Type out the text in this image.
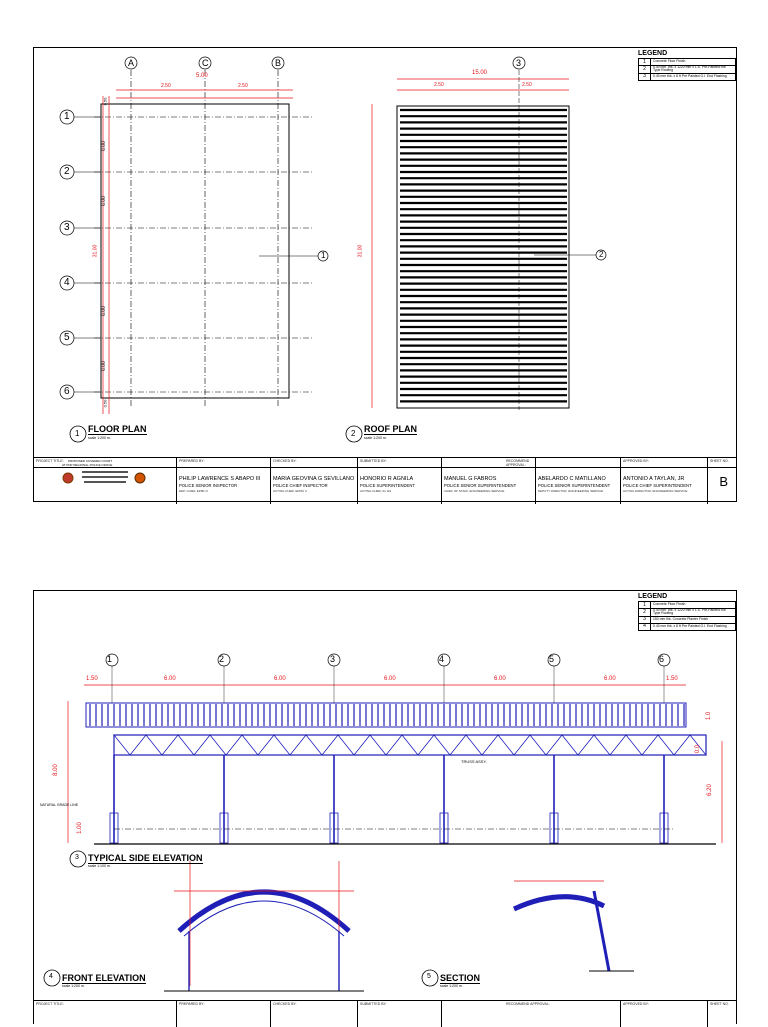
A	C	B
1
2
3
4
5
6
1
3
2
5.00
2.50	2.50
31.00
6.00
6.00
6.00
6.00
0.50
0.50
15.00
2.50	2.50
31.00
1	2
FLOOR PLAN
scale 1:200 m.
ROOF PLAN
scale 1:200 m.
LEGEND
1	Concrete Floor Finish
2	0.40 mm. thk. x 1220 mm x L.S. Pre-Painted Rib Type Roofing
3	0.40 mm thk. x 8 ft Pre Painted G.I. End Flashing
PROJECT TITLE:	PROPOSED COVERED COURT
AT PNP REGIONAL POLICE OFFICE
PREPARED BY:
PHILIP LAWRENCE S ABAPO III
POLICE SENIOR INSPECTOR
DEP. CHIEF, EPMU II
CHECKED BY:
MARIA GEOVINA G SEVILLANO
POLICE CHIEF INSPECTOR
ACTING CHIEF, EPMU II
SUBMITTED BY:
HONORIO R AGNILA
POLICE SUPERINTENDENT
ACTING CHIEF, ID, ES
RECOMMEND APPROVAL:
MANUEL G FABROS
POLICE SENIOR SUPERINTENDENT
CHIEF OF STAFF, ENGINEERING SERVICE
ABELARDO C MATILLANO
POLICE SENIOR SUPERINTENDENT
DEPUTY DIRECTOR, ENGINEERING SERVICE
APPROVED BY:
ANTONIO A TAYLAN, JR
POLICE CHIEF SUPERINTENDENT
ACTING DIRECTOR, ENGINEERING SERVICE
SHEET NO.
B
1	2	3	4	5	6
1.50	6.00	6.00	6.00	6.00	6.00	1.50
8.00
6.20
1.0
0.0
1.00
TRUSS ASSY.
NATURAL GRADE LINE
TYPICAL SIDE ELEVATION
scale 1:100 m.
3
FRONT ELEVATION
scale 1:200 m.
4	SECTION
scale 1:200 m.
5
LEGEND
1	Concrete Floor Finish
2	0.40 mm. thk. x 1220 mm x L.S. Pre-Painted Rib Type Roofing
3	150 mm thk. Concrete Planter Finish
4	0.40 mm thk. x 8 ft Pre Painted G.I. End Flashing
PROJECT TITLE:	PREPARED BY:	CHECKED BY:	SUBMITTED BY:	RECOMMEND APPROVAL:	APPROVED BY:	SHEET NO.
